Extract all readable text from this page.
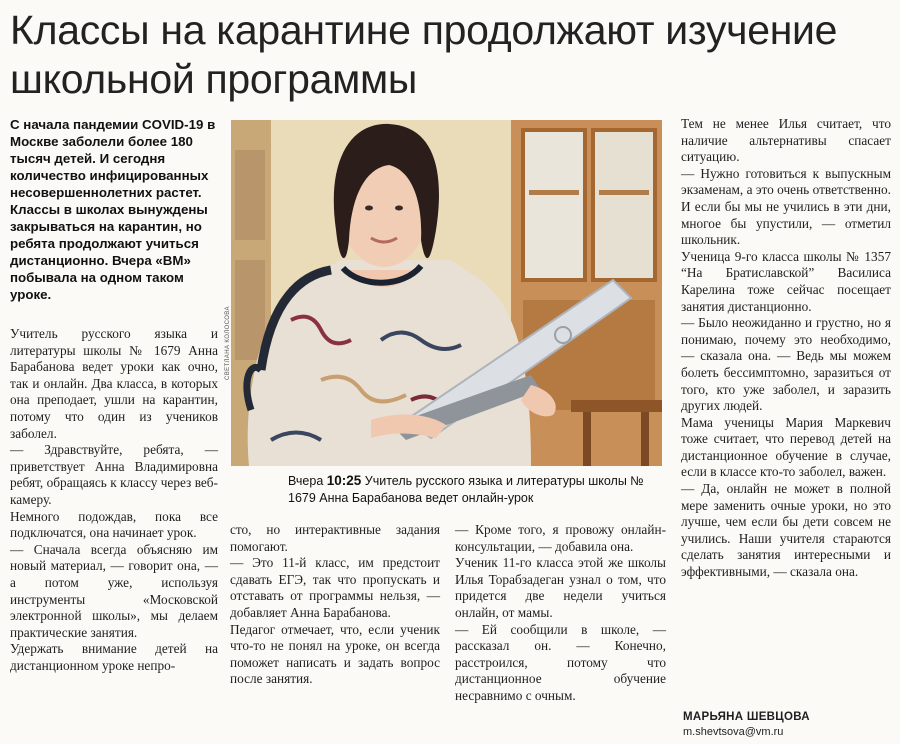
Классы на карантине продолжают изучение школьной программы
С начала пандемии COVID-19 в Москве заболели более 180 тысяч детей. И сегодня количество инфицированных несовершеннолетних растет. Классы в школах вынуждены закрываться на карантин, но ребята продолжают учиться дистанционно. Вчера «ВМ» побывала на одном таком уроке.

Учитель русского языка и литературы школы № 1679 Анна Барабанова ведет уроки как очно, так и онлайн. Два класса, в которых она преподает, ушли на карантин, потому что один из учеников заболел.

— Здравствуйте, ребята, — приветствует Анна Владимировна ребят, обращаясь к классу через веб-камеру.

Немного подождав, пока все подключатся, она начинает урок.

— Сначала всегда объясняю им новый материал, — говорит она, — а потом уже, используя инструменты «Московской электронной школы», мы делаем практические занятия.

Удержать внимание детей на дистанционном уроке непро-

СВЕТЛАНА КОЛОСОВА
Вчера 10:25 Учитель русского языка и литературы школы № 1679 Анна Барабанова ведет онлайн-урок

сто, но интерактивные задания помогают.

— Это 11-й класс, им предстоит сдавать ЕГЭ, так что пропускать и отставать от программы нельзя, — добавляет Анна Барабанова.

Педагог отмечает, что, если ученик что-то не понял на уроке, он всегда поможет написать и задать вопрос после занятия.

— Кроме того, я провожу онлайн-консультации, — добавила она.

Ученик 11-го класса этой же школы Илья Торабзадеган узнал о том, что придется две недели учиться онлайн, от мамы.

— Ей сообщили в школе, — рассказал он. — Конечно, расстроился, потому что дистанционное обучение несравнимо с очным.

Тем не менее Илья считает, что наличие альтернативы спасает ситуацию.

— Нужно готовиться к выпускным экзаменам, а это очень ответственно. И если бы мы не учились в эти дни, многое бы упустили, — отметил школьник.

Ученица 9-го класса школы № 1357 “На Братиславской” Василиса Карелина тоже сейчас посещает занятия дистанционно.

— Было неожиданно и грустно, но я понимаю, почему это необходимо, — сказала она. — Ведь мы можем болеть бессимптомно, заразиться от того, кто уже заболел, и заразить других людей.

Мама ученицы Мария Маркевич тоже считает, что перевод детей на дистанционное обучение в случае, если в классе кто-то заболел, важен.

— Да, онлайн не может в полной мере заменить очные уроки, но это лучше, чем если бы дети совсем не учились. Наши учителя стараются сделать занятия интересными и эффективными, — сказала она.

МАРЬЯНА ШЕВЦОВА
m.shevtsova@vm.ru
